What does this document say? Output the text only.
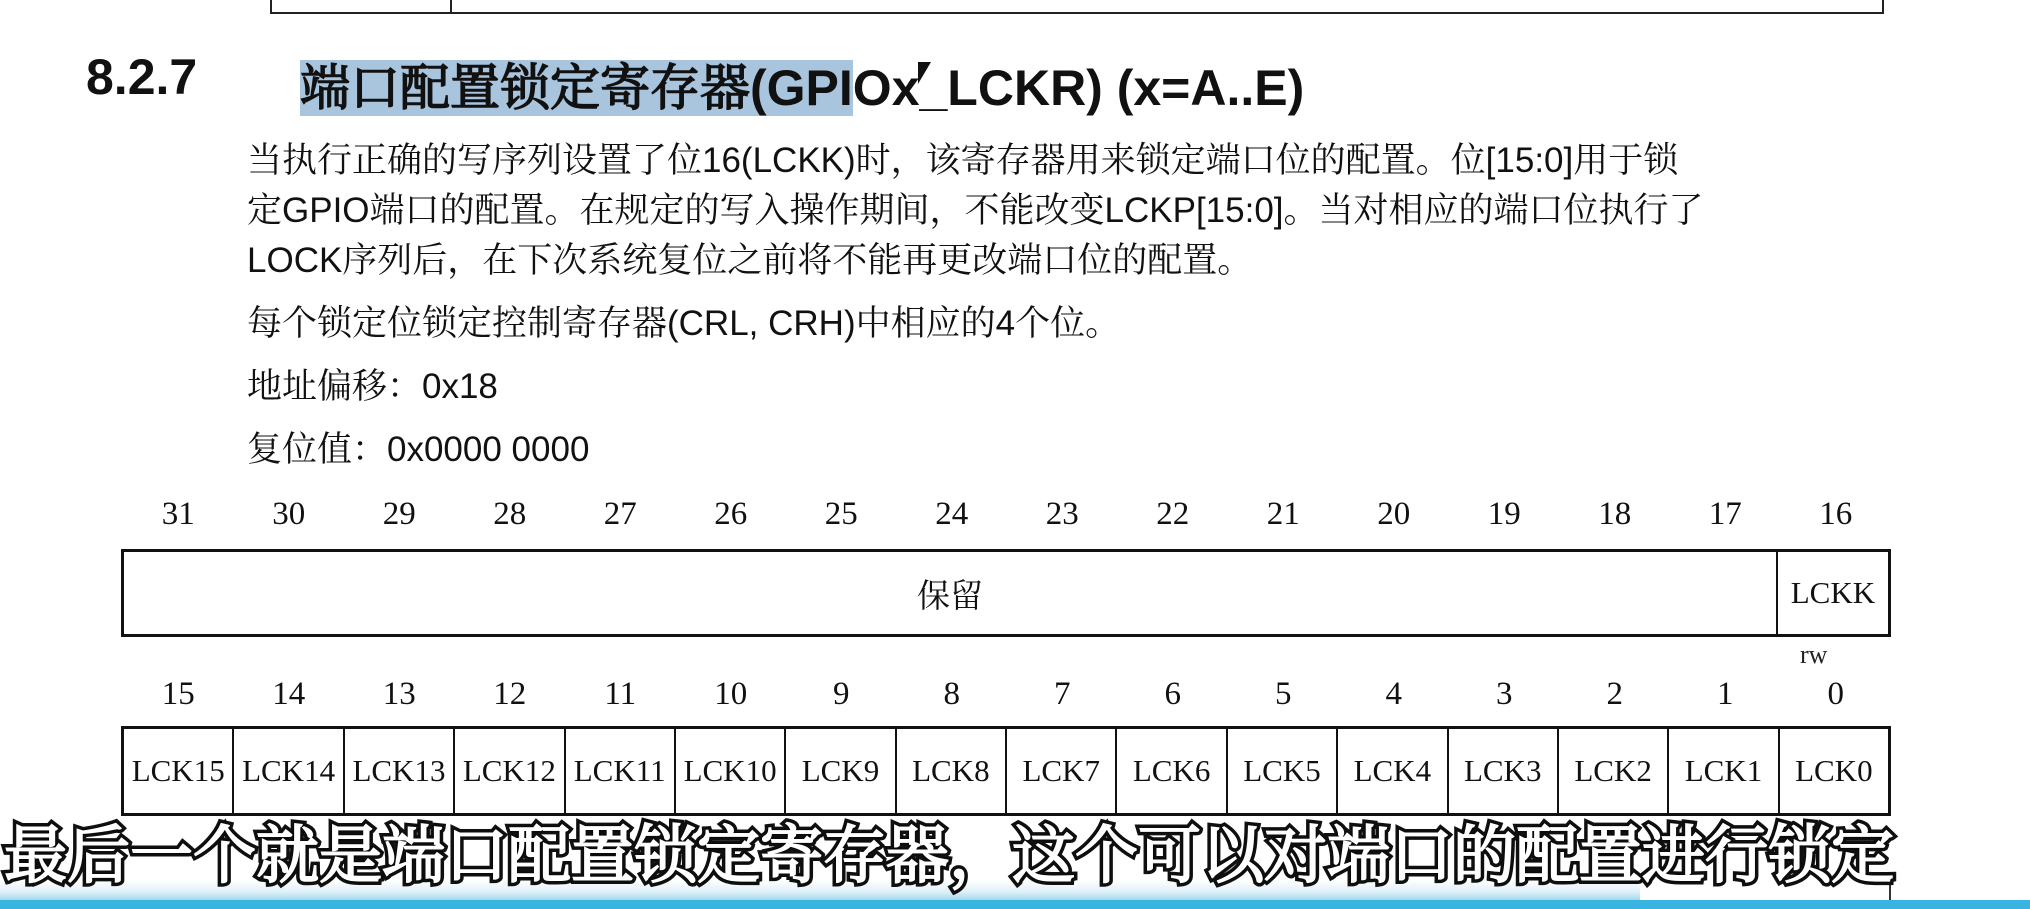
8.2.7 端口配置锁定寄存器(GPIOx_LCKR) (x=A..E)
当执行正确的写序列设置了位16(LCKK)时，该寄存器用来锁定端口位的配置。位[15:0]用于锁
定GPIO端口的配置。在规定的写入操作期间，不能改变LCKP[15:0]。当对相应的端口位执行了
LOCK序列后，在下次系统复位之前将不能再更改端口位的配置。
每个锁定位锁定控制寄存器(CRL, CRH)中相应的4个位。
地址偏移：0x18
复位值：0x0000 0000
31	30	29	28	27	26	25	24	23	22	21	20	19	18	17	16
保留	LCKK
rw
15	14	13	12	11	10	9	8	7	6	5	4	3	2	1	0
LCK15 LCK14 LCK13 LCK12 LCK11 LCK10 LCK9	LCK8	LCK7	LCK6	LCK5	LCK4	LCK3	LCK2	LCK1	LCK0
最后一个就是端口配置锁定寄存器，这个可以对端口的配置进行锁定
